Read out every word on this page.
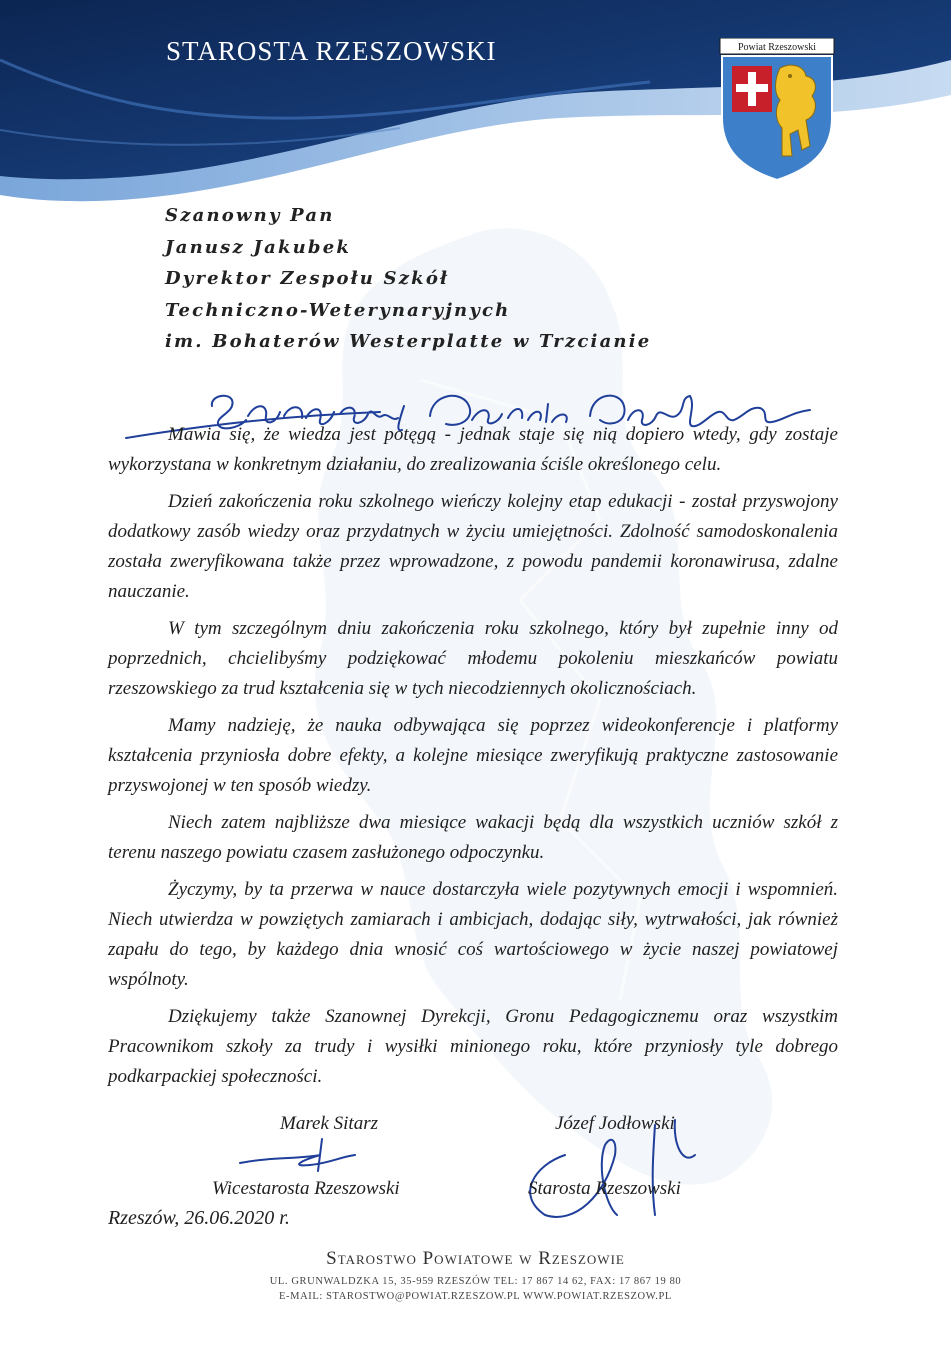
STAROSTA RZESZOWSKI	Powiat Rzeszowski
Szanowny Pan
Janusz Jakubek
Dyrektor Zespołu Szkół
Techniczno-Weterynaryjnych
im. Bohaterów Westerplatte w Trzcianie

Mawia się, że wiedza jest potęgą - jednak staje się nią dopiero wtedy, gdy zostaje wykorzystana w konkretnym działaniu, do zrealizowania ściśle określonego celu.

Dzień zakończenia roku szkolnego wieńczy kolejny etap edukacji - został przyswojony dodatkowy zasób wiedzy oraz przydatnych w życiu umiejętności. Zdolność samodoskonalenia została zweryfikowana także przez wprowadzone, z powodu pandemii koronawirusa, zdalne nauczanie.

W tym szczególnym dniu zakończenia roku szkolnego, który był zupełnie inny od poprzednich, chcielibyśmy podziękować młodemu pokoleniu mieszkańców powiatu rzeszowskiego za trud kształcenia się w tych niecodziennych okolicznościach.

Mamy nadzieję, że nauka odbywająca się poprzez wideokonferencje i platformy kształcenia przyniosła dobre efekty, a kolejne miesiące zweryfikują praktyczne zastosowanie przyswojonej w ten sposób wiedzy.

Niech zatem najbliższe dwa miesiące wakacji będą dla wszystkich uczniów szkół z terenu naszego powiatu czasem zasłużonego odpoczynku.

Życzymy, by ta przerwa w nauce dostarczyła wiele pozytywnych emocji i wspomnień. Niech utwierdza w powziętych zamiarach i ambicjach, dodając siły, wytrwałości, jak również zapału do tego, by każdego dnia wnosić coś wartościowego w życie naszej powiatowej wspólnoty.

Dziękujemy także Szanownej Dyrekcji, Gronu Pedagogicznemu oraz wszystkim Pracownikom szkoły za trudy i wysiłki minionego roku, które przyniosły tyle dobrego podkarpackiej społeczności.

Marek Sitarz
Wicestarosta Rzeszowski
Józef Jodłowski
Starosta Rzeszowski
Rzeszów, 26.06.2020 r.
Starostwo Powiatowe w Rzeszowie
UL. GRUNWALDZKA 15, 35-959 RZESZÓW TEL: 17 867 14 62, FAX: 17 867 19 80
E-MAIL: STAROSTWO@POWIAT.RZESZOW.PL WWW.POWIAT.RZESZOW.PL
